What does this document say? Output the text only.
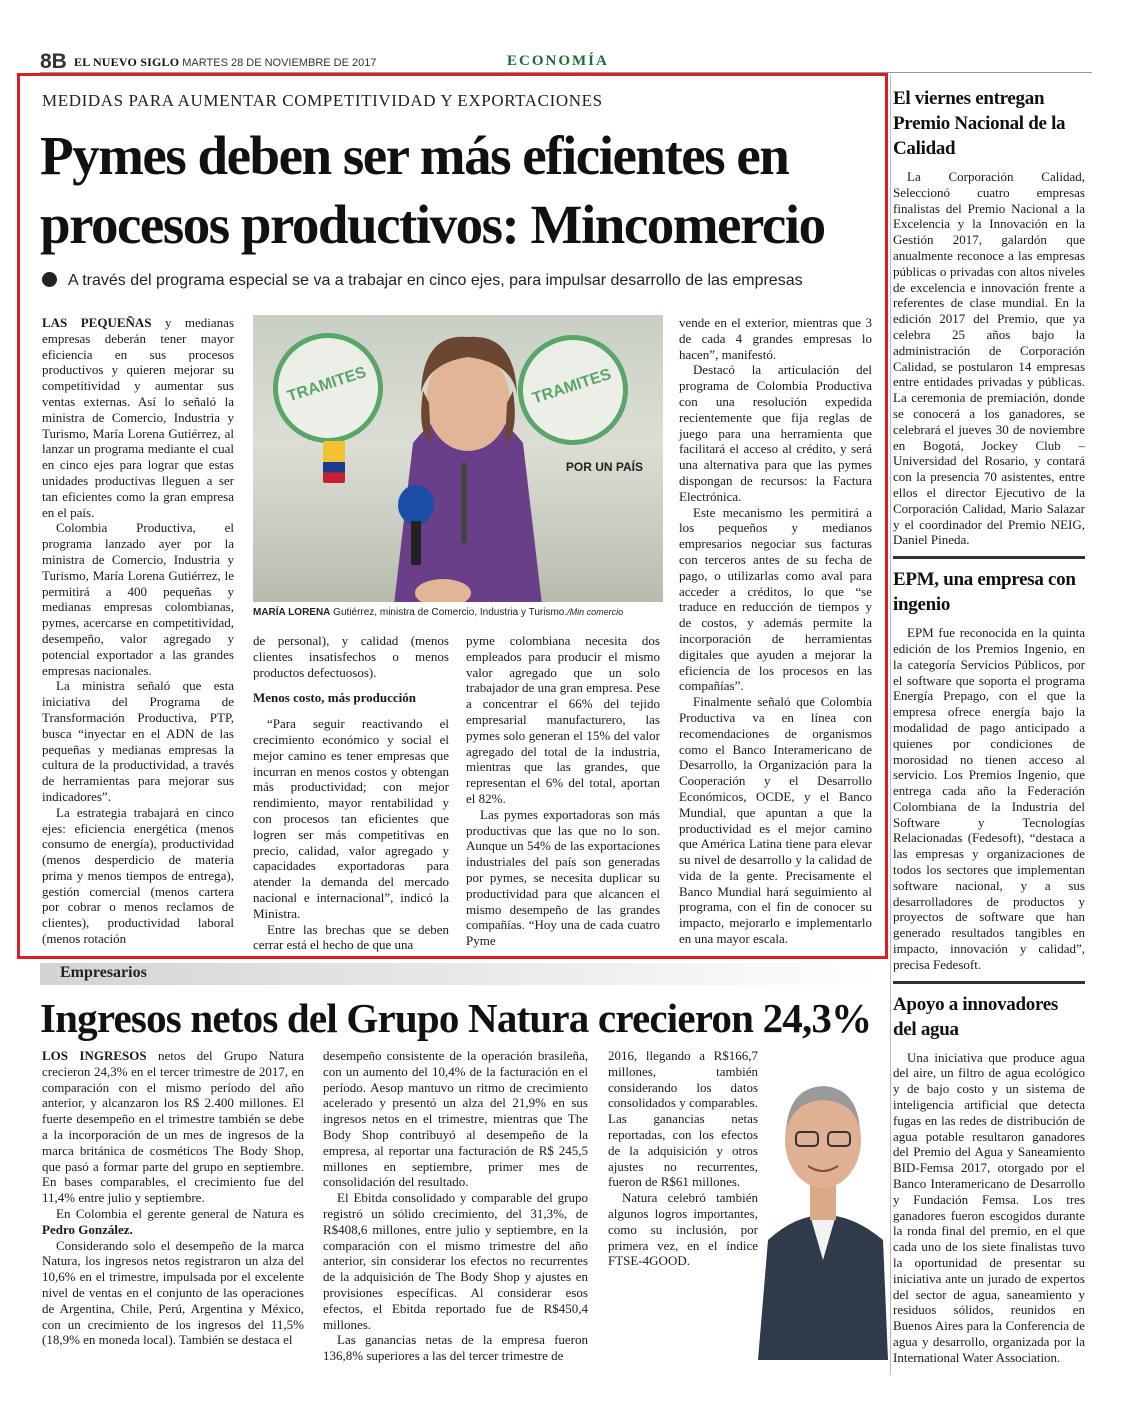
8B EL NUEVO SIGLO MARTES 28 DE NOVIEMBRE DE 2017	ECONOMÍA
MEDIDAS PARA AUMENTAR COMPETITIVIDAD Y EXPORTACIONES
Pymes deben ser más eficientes en
procesos productivos: Mincomercio
A través del programa especial se va a trabajar en cinco ejes, para impulsar desarrollo de las empresas

LAS PEQUEÑAS y medianas empresas deberán tener mayor eficiencia en sus procesos productivos y quieren mejorar su competitividad y aumentar sus ventas externas. Así lo señaló la ministra de Comercio, Industria y Turismo, María Lorena Gutiérrez, al lanzar un programa mediante el cual en cinco ejes para lograr que estas unidades productivas lleguen a ser tan eficientes como la gran empresa en el país.

Colombia Productiva, el programa lanzado ayer por la ministra de Comercio, Industria y Turismo, María Lorena Gutiérrez, le permitirá a 400 pequeñas y medianas empresas colombianas, pymes, acercarse en competitividad, desempeño, valor agregado y potencial exportador a las grandes empresas nacionales.

La ministra señaló que esta iniciativa del Programa de Transformación Productiva, PTP, busca “inyectar en el ADN de las pequeñas y medianas empresas la cultura de la productividad, a través de herramientas para mejorar sus indicadores”.

La estrategia trabajará en cinco ejes: eficiencia energética (menos consumo de energía), productividad (menos desperdicio de materia prima y menos tiempos de entrega), gestión comercial (menos cartera por cobrar o menos reclamos de clientes), productividad laboral (menos rotación

TRAMITES	TRAMITES
POR UN PAÍS
MARÍA LORENA Gutiérrez, ministra de Comercio, Industria y Turismo./Min comercio

de personal), y calidad (menos clientes insatisfechos o menos productos defectuosos).

Menos costo, más producción

“Para seguir reactivando el crecimiento económico y social el mejor camino es tener empresas que incurran en menos costos y obtengan más productividad; con mejor rendimiento, mayor rentabilidad y con procesos tan eficientes que logren ser más competitivas en precio, calidad, valor agregado y capacidades exportadoras para atender la demanda del mercado nacional e internacional”, indicó la Ministra.

Entre las brechas que se deben cerrar está el hecho de que una

pyme colombiana necesita dos empleados para producir el mismo valor agregado que un solo trabajador de una gran empresa. Pese a concentrar el 66% del tejido empresarial manufacturero, las pymes solo generan el 15% del valor agregado del total de la industria, mientras que las grandes, que representan el 6% del total, aportan el 82%.

Las pymes exportadoras son más productivas que las que no lo son. Aunque un 54% de las exportaciones industriales del país son generadas por pymes, se necesita duplicar su productividad para que alcancen el mismo desempeño de las grandes compañías. “Hoy una de cada cuatro Pyme

vende en el exterior, mientras que 3 de cada 4 grandes empresas lo hacen”, manifestó.

Destacó la articulación del programa de Colombia Productiva con una resolución expedida recientemente que fija reglas de juego para una herramienta que facilitará el acceso al crédito, y será una alternativa para que las pymes dispongan de recursos: la Factura Electrónica.

Este mecanismo les permitirá a los pequeños y medianos empresarios negociar sus facturas con terceros antes de su fecha de pago, o utilizarlas como aval para acceder a créditos, lo que “se traduce en reducción de tiempos y de costos, y además permite la incorporación de herramientas digitales que ayuden a mejorar la eficiencia de los procesos en las compañías”.

Finalmente señaló que Colombia Productiva va en línea con recomendaciones de organismos como el Banco Interamericano de Desarrollo, la Organización para la Cooperación y el Desarrollo Económicos, OCDE, y el Banco Mundial, que apuntan a que la productividad es el mejor camino que América Latina tiene para elevar su nivel de desarrollo y la calidad de vida de la gente. Precisamente el Banco Mundial hará seguimiento al programa, con el fin de conocer su impacto, mejorarlo e implementarlo en una mayor escala.

El viernes entregan Premio Nacional de la Calidad

La Corporación Calidad, Seleccionó cuatro empresas finalistas del Premio Nacional a la Excelencia y la Innovación en la Gestión 2017, galardón que anualmente reconoce a las empresas públicas o privadas con altos niveles de excelencia e innovación frente a referentes de clase mundial. En la edición 2017 del Premio, que ya celebra 25 años bajo la administración de Corporación Calidad, se postularon 14 empresas entre entidades privadas y públicas. La ceremonia de premiación, donde se conocerá a los ganadores, se celebrará el jueves 30 de noviembre en Bogotá, Jockey Club – Universidad del Rosario, y contará con la presencia 70 asistentes, entre ellos el director Ejecutivo de la Corporación Calidad, Mario Salazar y el coordinador del Premio NEIG, Daniel Pineda.

EPM, una empresa con ingenio

EPM fue reconocida en la quinta edición de los Premios Ingenio, en la categoría Servicios Públicos, por el software que soporta el programa Energía Prepago, con el que la empresa ofrece energía bajo la modalidad de pago anticipado a quienes por condiciones de morosidad no tienen acceso al servicio. Los Premios Ingenio, que entrega cada año la Federación Colombiana de la Industria del Software y Tecnologías Relacionadas (Fedesoft), “destaca a las empresas y organizaciones de todos los sectores que implementan software nacional, y a sus desarrolladores de productos y proyectos de software que han generado resultados tangibles en impacto, innovación y calidad”, precisa Fedesoft.

Apoyo a innovadores del agua

Una iniciativa que produce agua del aire, un filtro de agua ecológico y de bajo costo y un sistema de inteligencia artificial que detecta fugas en las redes de distribución de agua potable resultaron ganadores del Premio del Agua y Saneamiento BID-Femsa 2017, otorgado por el Banco Interamericano de Desarrollo y Fundación Femsa. Los tres ganadores fueron escogidos durante la ronda final del premio, en el que cada uno de los siete finalistas tuvo la oportunidad de presentar su iniciativa ante un jurado de expertos del sector de agua, saneamiento y residuos sólidos, reunidos en Buenos Aires para la Conferencia de agua y desarrollo, organizada por la International Water Association.

Empresarios
Ingresos netos del Grupo Natura crecieron 24,3%

LOS INGRESOS netos del Grupo Natura crecieron 24,3% en el tercer trimestre de 2017, en comparación con el mismo período del año anterior, y alcanzaron los R$ 2.400 millones. El fuerte desempeño en el trimestre también se debe a la incorporación de un mes de ingresos de la marca británica de cosméticos The Body Shop, que pasó a formar parte del grupo en septiembre. En bases comparables, el crecimiento fue del 11,4% entre julio y septiembre.

En Colombia el gerente general de Natura es Pedro González.

Considerando solo el desempeño de la marca Natura, los ingresos netos registraron un alza del 10,6% en el trimestre, impulsada por el excelente nivel de ventas en el conjunto de las operaciones de Argentina, Chile, Perú, Argentina y México, con un crecimiento de los ingresos del 11,5% (18,9% en moneda local). También se destaca el

desempeño consistente de la operación brasileña, con un aumento del 10,4% de la facturación en el período. Aesop mantuvo un ritmo de crecimiento acelerado y presentó un alza del 21,9% en sus ingresos netos en el trimestre, mientras que The Body Shop contribuyó al desempeño de la empresa, al reportar una facturación de R$ 245,5 millones en septiembre, primer mes de consolidación del resultado.

El Ebitda consolidado y comparable del grupo registró un sólido crecimiento, del 31,3%, de R$408,6 millones, entre julio y septiembre, en la comparación con el mismo trimestre del año anterior, sin considerar los efectos no recurrentes de la adquisición de The Body Shop y ajustes en provisiones específicas. Al considerar esos efectos, el Ebitda reportado fue de R$450,4 millones.

Las ganancias netas de la empresa fueron 136,8% superiores a las del tercer trimestre de

2016, llegando a R$166,7 millones, también considerando los datos consolidados y comparables. Las ganancias netas reportadas, con los efectos de la adquisición y otros ajustes no recurrentes, fueron de R$61 millones.

Natura celebró también algunos logros importantes, como su inclusión, por primera vez, en el índice FTSE-4GOOD.
